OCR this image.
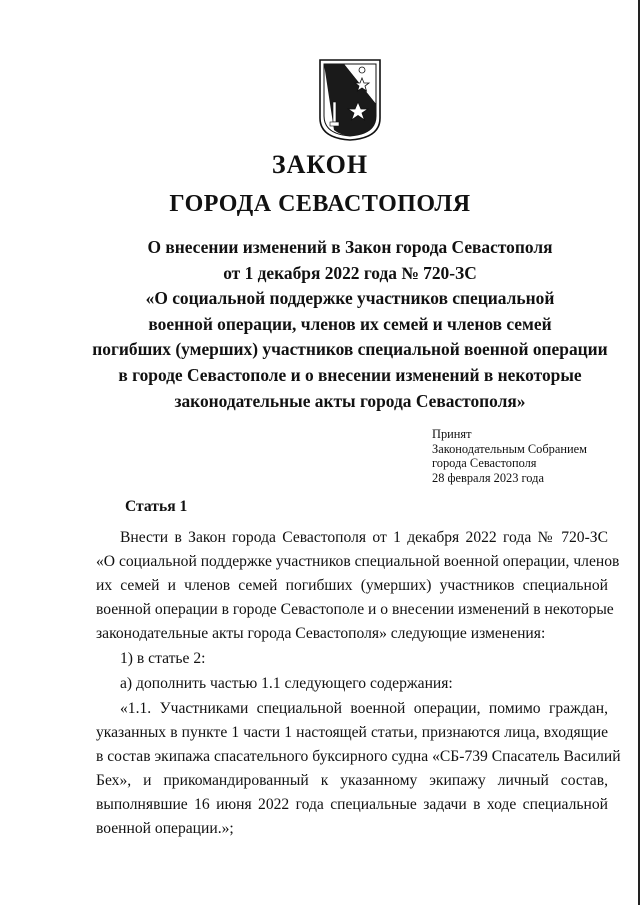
ЗАКОН
ГОРОДА СЕВАСТОПОЛЯ
О внесении изменений в Закон города Севастополя
от 1 декабря 2022 года № 720-ЗС
«О социальной поддержке участников специальной
военной операции, членов их семей и членов семей
погибших (умерших) участников специальной военной операции
в городе Севастополе и о внесении изменений в некоторые
законодательные акты города Севастополя»
Принят
Законодательным Собранием
города Севастополя
28 февраля 2023 года
Статья 1
Внести в Закон города Севастополя от 1 декабря 2022 года № 720-ЗС
«О социальной поддержке участников специальной военной операции, членов
их семей и членов семей погибших (умерших) участников специальной
военной операции в городе Севастополе и о внесении изменений в некоторые
законодательные акты города Севастополя» следующие изменения:
1) в статье 2:
а) дополнить частью 1.1 следующего содержания:
«1.1. Участниками специальной военной операции, помимо граждан,
указанных в пункте 1 части 1 настоящей статьи, признаются лица, входящие
в состав экипажа спасательного буксирного судна «СБ-739 Спасатель Василий
Бех», и прикомандированный к указанному экипажу личный состав,
выполнявшие 16 июня 2022 года специальные задачи в ходе специальной
военной операции.»;
